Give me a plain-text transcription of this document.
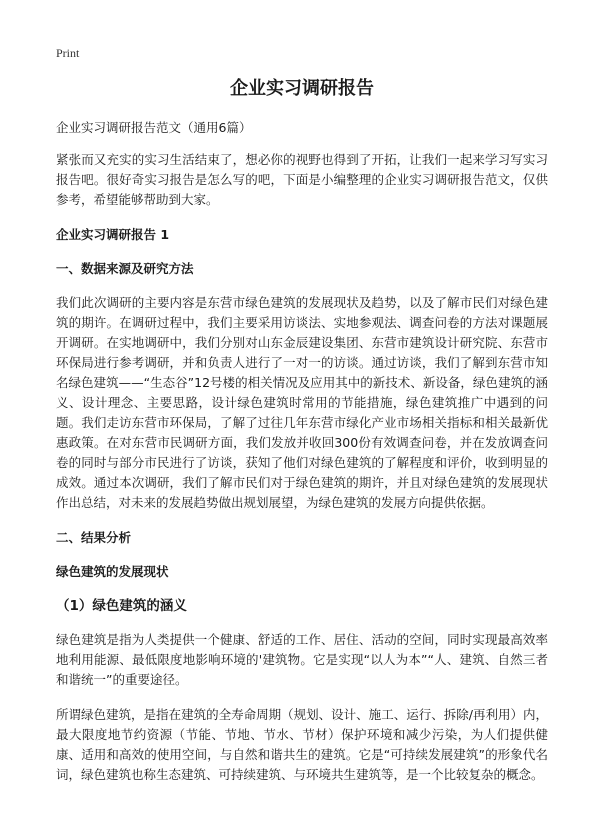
Print
企业实习调研报告
企业实习调研报告范文（通用6篇）
紧张而又充实的实习生活结束了，想必你的视野也得到了开拓，让我们一起来学习写实习报告吧。很好奇实习报告是怎么写的吧，下面是小编整理的企业实习调研报告范文，仅供参考，希望能够帮助到大家。
企业实习调研报告 1
一、数据来源及研究方法
我们此次调研的主要内容是东营市绿色建筑的发展现状及趋势，以及了解市民们对绿色建筑的期许。在调研过程中，我们主要采用访谈法、实地参观法、调查问卷的方法对课题展开调研。在实地调研中，我们分别对山东金辰建设集团、东营市建筑设计研究院、东营市环保局进行参考调研，并和负责人进行了一对一的访谈。通过访谈，我们了解到东营市知名绿色建筑——“生态谷”12号楼的相关情况及应用其中的新技术、新设备，绿色建筑的涵义、设计理念、主要思路，设计绿色建筑时常用的节能措施，绿色建筑推广中遇到的问题。我们走访东营市环保局，了解了过往几年东营市绿化产业市场相关指标和相关最新优惠政策。在对东营市民调研方面，我们发放并收回300份有效调查问卷，并在发放调查问卷的同时与部分市民进行了访谈，获知了他们对绿色建筑的了解程度和评价，收到明显的成效。通过本次调研，我们了解市民们对于绿色建筑的期许，并且对绿色建筑的发展现状作出总结，对未来的发展趋势做出规划展望，为绿色建筑的发展方向提供依据。
二、结果分析
绿色建筑的发展现状
（1）绿色建筑的涵义
绿色建筑是指为人类提供一个健康、舒适的工作、居住、活动的空间，同时实现最高效率地利用能源、最低限度地影响环境的'建筑物。它是实现“以人为本”“人、建筑、自然三者和谐统一”的重要途径。
所谓绿色建筑，是指在建筑的全寿命周期（规划、设计、施工、运行、拆除/再利用）内，最大限度地节约资源（节能、节地、节水、节材）保护环境和减少污染，为人们提供健康、适用和高效的使用空间，与自然和谐共生的建筑。它是“可持续发展建筑”的形象代名词，绿色建筑也称生态建筑、可持续建筑、与环境共生建筑等，是一个比较复杂的概念。
